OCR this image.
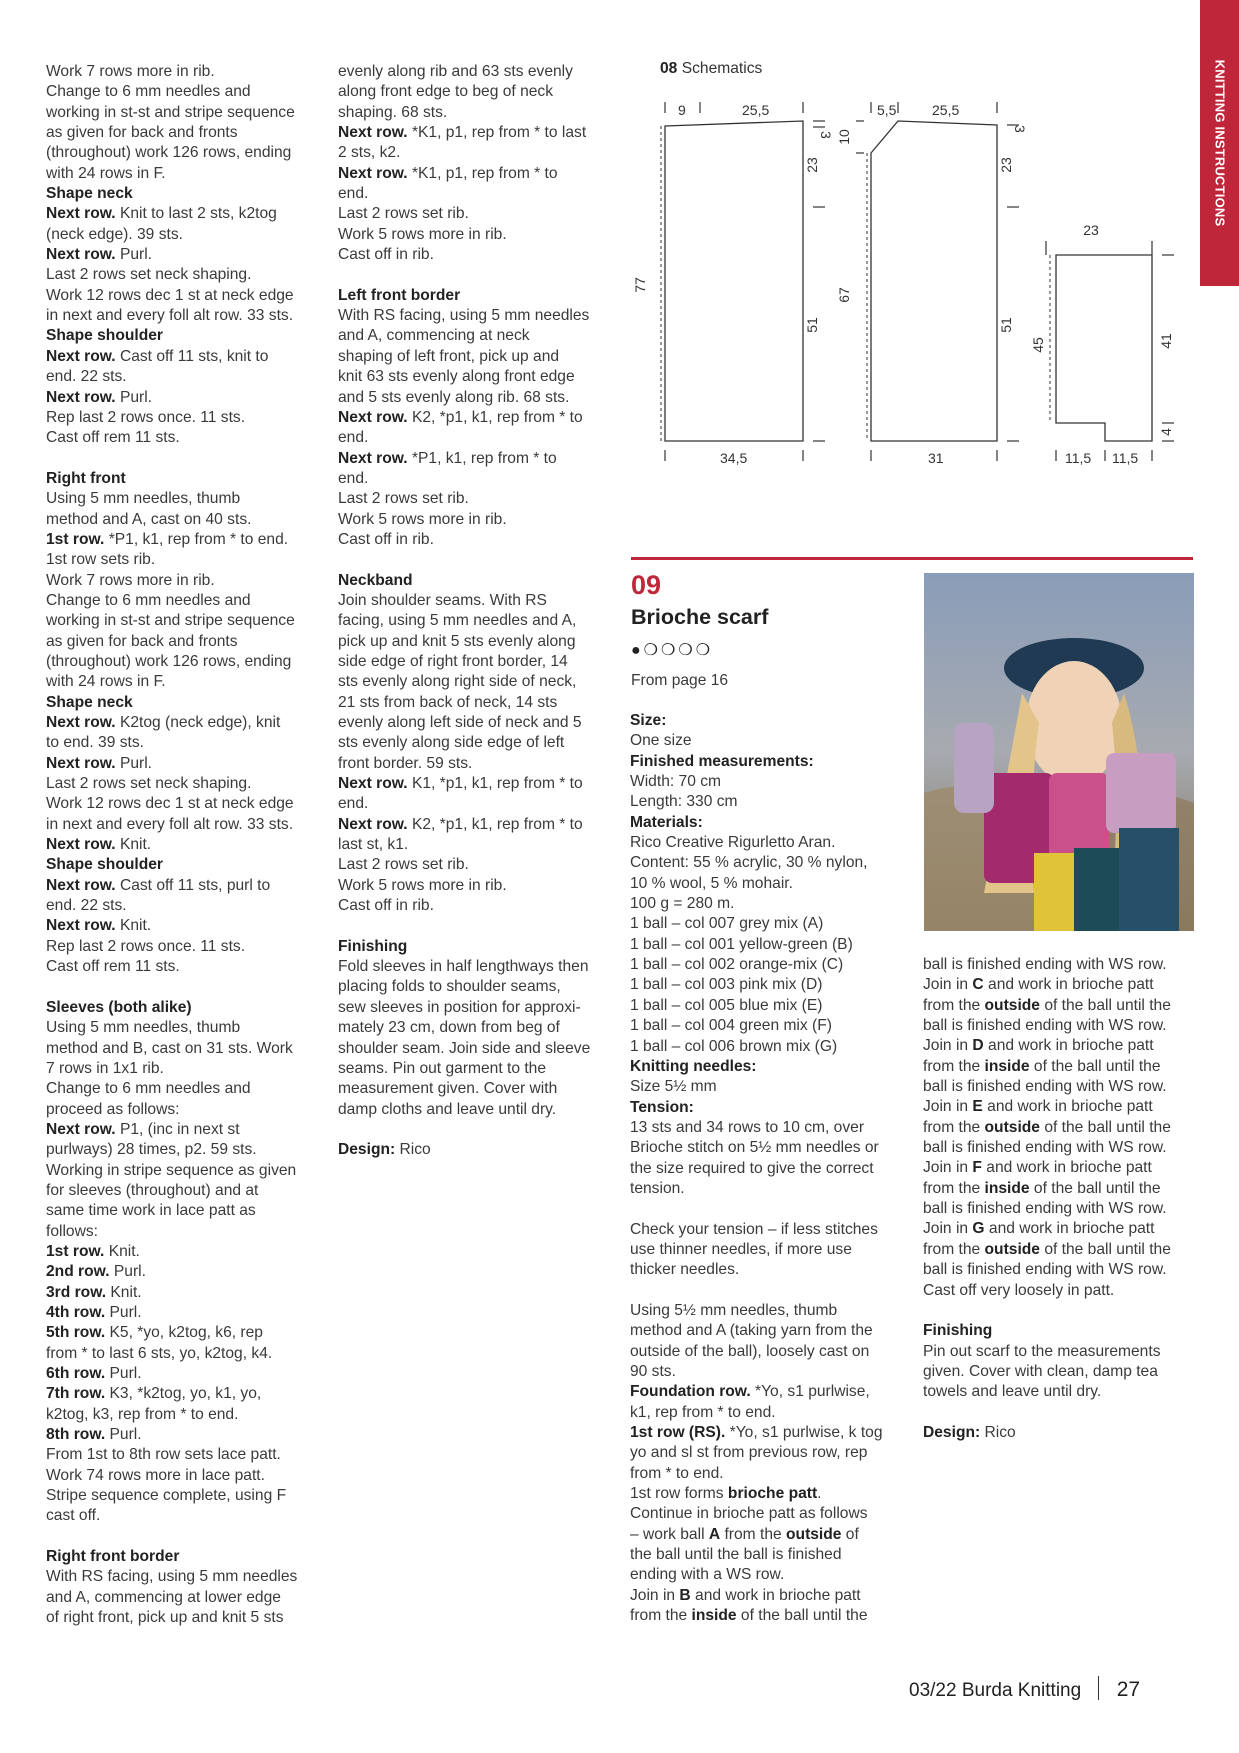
KNITTING INSTRUCTIONS

Work 7 rows more in rib.

Change to 6 mm needles and

working in st-st and stripe sequence

as given for back and fronts

(throughout) work 126 rows, ending

with 24 rows in F.

Shape neck

Next row. Knit to last 2 sts, k2tog

(neck edge). 39 sts.

Next row. Purl.

Last 2 rows set neck shaping.

Work 12 rows dec 1 st at neck edge

in next and every foll alt row. 33 sts.

Shape shoulder

Next row. Cast off 11 sts, knit to

end. 22 sts.

Next row. Purl.

Rep last 2 rows once. 11 sts.

Cast off rem 11 sts.

Right front

Using 5 mm needles, thumb

method and A, cast on 40 sts.

1st row. *P1, k1, rep from * to end.

1st row sets rib.

Work 7 rows more in rib.

Change to 6 mm needles and

working in st-st and stripe sequence

as given for back and fronts

(throughout) work 126 rows, ending

with 24 rows in F.

Shape neck

Next row. K2tog (neck edge), knit

to end. 39 sts.

Next row. Purl.

Last 2 rows set neck shaping.

Work 12 rows dec 1 st at neck edge

in next and every foll alt row. 33 sts.

Next row. Knit.

Shape shoulder

Next row. Cast off 11 sts, purl to

end. 22 sts.

Next row. Knit.

Rep last 2 rows once. 11 sts.

Cast off rem 11 sts.

Sleeves (both alike)

Using 5 mm needles, thumb

method and B, cast on 31 sts. Work

7 rows in 1x1 rib.

Change to 6 mm needles and

proceed as follows:

Next row. P1, (inc in next st

purlways) 28 times, p2. 59 sts.

Working in stripe sequence as given

for sleeves (throughout) and at

same time work in lace patt as

follows:

1st row. Knit.

2nd row. Purl.

3rd row. Knit.

4th row. Purl.

5th row. K5, *yo, k2tog, k6, rep

from * to last 6 sts, yo, k2tog, k4.

6th row. Purl.

7th row. K3, *k2tog, yo, k1, yo,

k2tog, k3, rep from * to end.

8th row. Purl.

From 1st to 8th row sets lace patt.

Work 74 rows more in lace patt.

Stripe sequence complete, using F

cast off.

Right front border

With RS facing, using 5 mm needles

and A, commencing at lower edge

of right front, pick up and knit 5 sts

evenly along rib and 63 sts evenly

along front edge to beg of neck

shaping. 68 sts.

Next row. *K1, p1, rep from * to last

2 sts, k2.

Next row. *K1, p1, rep from * to

end.

Last 2 rows set rib.

Work 5 rows more in rib.

Cast off in rib.

Left front border

With RS facing, using 5 mm needles

and A, commencing at neck

shaping of left front, pick up and

knit 63 sts evenly along front edge

and 5 sts evenly along rib. 68 sts.

Next row. K2, *p1, k1, rep from * to

end.

Next row. *P1, k1, rep from * to

end.

Last 2 rows set rib.

Work 5 rows more in rib.

Cast off in rib.

Neckband

Join shoulder seams. With RS

facing, using 5 mm needles and A,

pick up and knit 5 sts evenly along

side edge of right front border, 14

sts evenly along right side of neck,

21 sts from back of neck, 14 sts

evenly along left side of neck and 5

sts evenly along side edge of left

front border. 59 sts.

Next row. K1, *p1, k1, rep from * to

end.

Next row. K2, *p1, k1, rep from * to

last st, k1.

Last 2 rows set rib.

Work 5 rows more in rib.

Cast off in rib.

Finishing

Fold sleeves in half lengthways then

placing folds to shoulder seams,

sew sleeves in position for approxi-

mately 23 cm, down from beg of

shoulder seam. Join side and sleeve

seams. Pin out garment to the

measurement given. Cover with

damp cloths and leave until dry.

Design: Rico

08 Schematics
9	25,5
34,5
77
3
23
51
5,5	25,5
31
10
67
3
23
51
23
45	41
4
11,5 11,5
09
Brioche scarf
●❍❍❍❍
From page 16

Size:

One size

Finished measurements:

Width: 70 cm

Length: 330 cm

Materials:

Rico Creative Rigurletto Aran.

Content: 55 % acrylic, 30 % nylon,

10 % wool, 5 % mohair.

100 g = 280 m.

1 ball – col 007 grey mix (A)

1 ball – col 001 yellow-green (B)

1 ball – col 002 orange-mix (C)

1 ball – col 003 pink mix (D)

1 ball – col 005 blue mix (E)

1 ball – col 004 green mix (F)

1 ball – col 006 brown mix (G)

Knitting needles:

Size 5½ mm

Tension:

13 sts and 34 rows to 10 cm, over

Brioche stitch on 5½ mm needles or

the size required to give the correct

tension.

Check your tension – if less stitches

use thinner needles, if more use

thicker needles.

Using 5½ mm needles, thumb

method and A (taking yarn from the

outside of the ball), loosely cast on

90 sts.

Foundation row. *Yo, s1 purlwise,

k1, rep from * to end.

1st row (RS). *Yo, s1 purlwise, k tog

yo and sl st from previous row, rep

from * to end.

1st row forms brioche patt.

Continue in brioche patt as follows

– work ball A from the outside of

the ball until the ball is finished

ending with a WS row.

Join in B and work in brioche patt

from the inside of the ball until the

ball is finished ending with WS row.

Join in C and work in brioche patt

from the outside of the ball until the

ball is finished ending with WS row.

Join in D and work in brioche patt

from the inside of the ball until the

ball is finished ending with WS row.

Join in E and work in brioche patt

from the outside of the ball until the

ball is finished ending with WS row.

Join in F and work in brioche patt

from the inside of the ball until the

ball is finished ending with WS row.

Join in G and work in brioche patt

from the outside of the ball until the

ball is finished ending with WS row.

Cast off very loosely in patt.

Finishing

Pin out scarf to the measurements

given. Cover with clean, damp tea

towels and leave until dry.

Design: Rico

03/22 Burda Knitting 27
